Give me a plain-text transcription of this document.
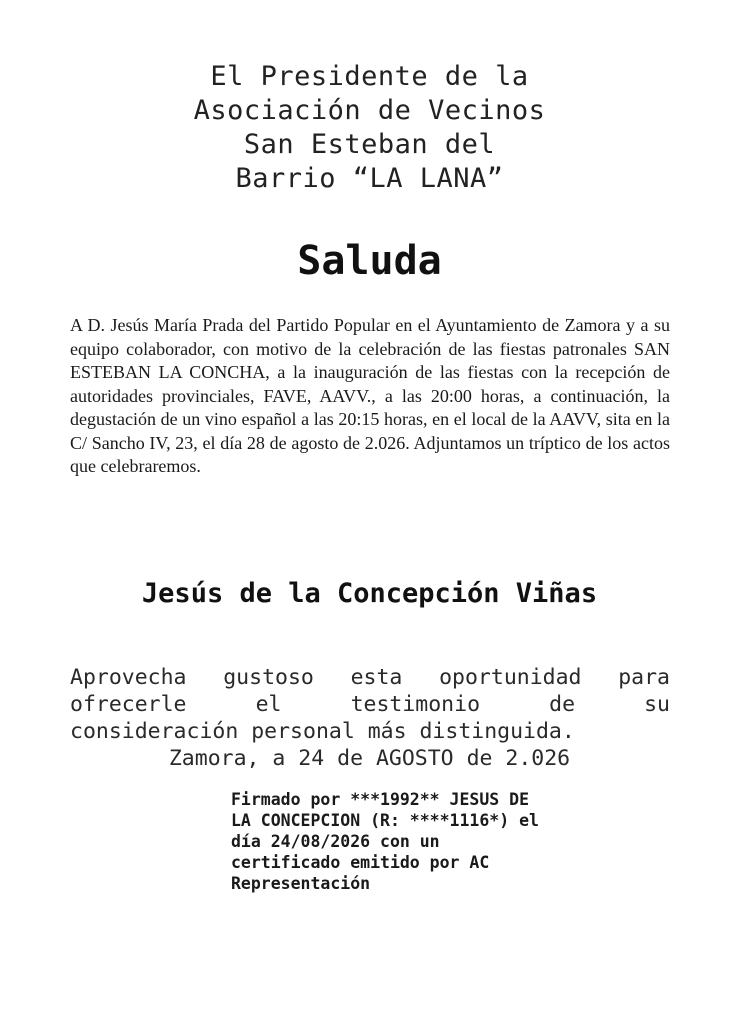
El Presidente de la
Asociación de Vecinos
San Esteban del
Barrio “LA LANA”
Saluda
A D. Jesús María Prada del Partido Popular en el Ayuntamiento de Zamora y a su equipo colaborador, con motivo de la celebración de las fiestas patronales SAN ESTEBAN LA CONCHA, a la inauguración de las fiestas con la recepción de autoridades provinciales, FAVE, AAVV., a las 20:00 horas, a continuación, la degustación de un vino español a las 20:15 horas, en el local de la AAVV, sita en la C/ Sancho IV, 23, el día 28 de agosto de 2.026. Adjuntamos un tríptico de los actos que celebraremos.
Jesús de la Concepción Viñas
Aprovecha gustoso esta oportunidad para
ofrecerle	el	testimonio	de	su
consideración personal más distinguida.
Zamora, a 24 de AGOSTO de 2.026
Firmado por ***1992** JESUS DE
LA CONCEPCION (R: ****1116*) el
día 24/08/2026 con un
certificado emitido por AC
Representación
